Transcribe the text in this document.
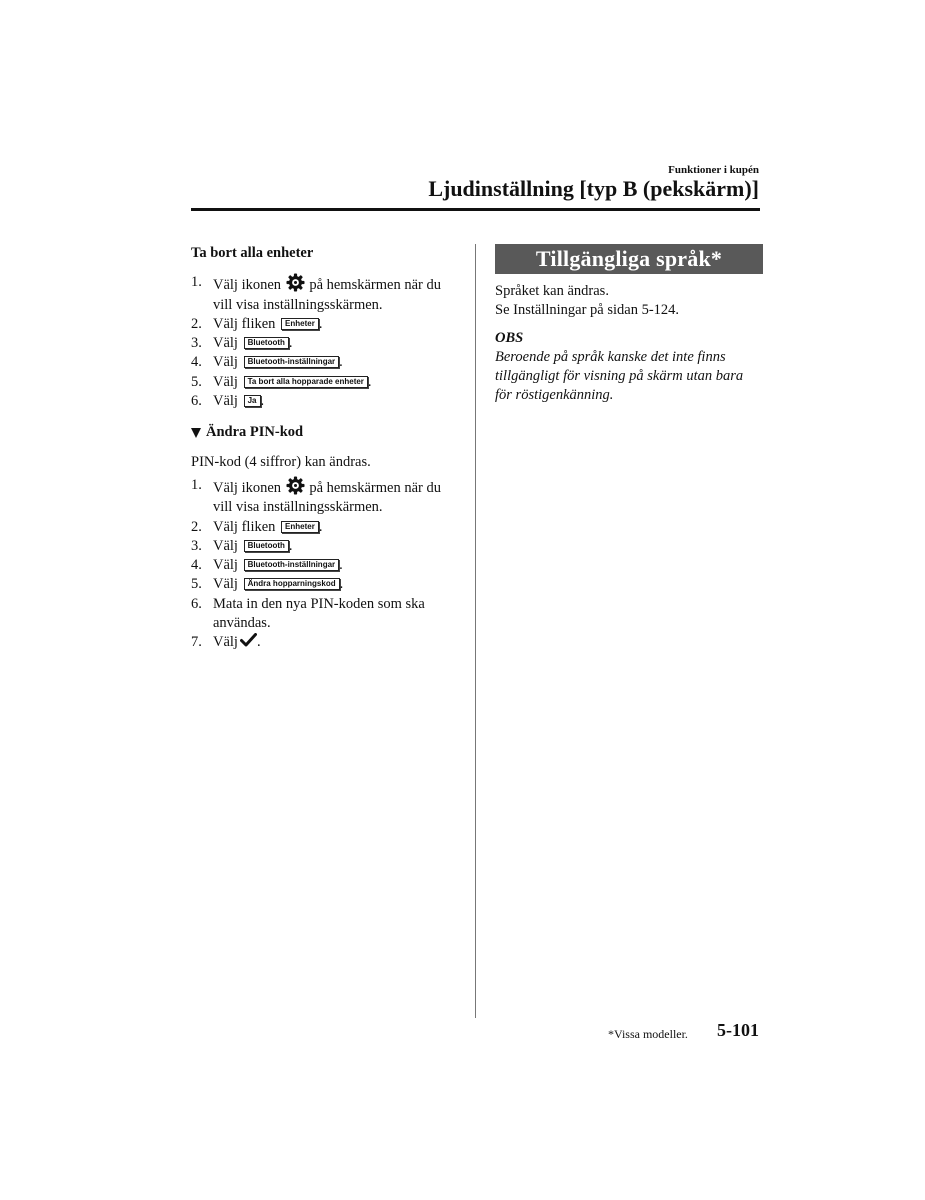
Funktioner i kupén
Ljudinställning [typ B (pekskärm)]
Ta bort alla enheter
1. Välj ikonen på hemskärmen när du vill visa inställningsskärmen.
2. Välj fliken Enheter .
3. Välj Bluetooth .
4. Välj Bluetooth-inställningar .
5. Välj Ta bort alla hopparade enheter .
6. Välj Ja .
Ändra PIN-kod

PIN-kod (4 siffror) kan ändras.

1. Välj ikonen på hemskärmen när du vill visa inställningsskärmen.
2. Välj fliken Enheter .
3. Välj Bluetooth .
4. Välj Bluetooth-inställningar .
5. Välj Ändra hopparningskod .
6. Mata in den nya PIN-koden som ska användas.
7. Välj .
Tillgängliga språk*

Språket kan ändras.

Se Inställningar på sidan 5-124.

OBS

Beroende på språk kanske det inte finns tillgängligt för visning på skärm utan bara för röstigenkänning.

*Vissa modeller. 5-101
